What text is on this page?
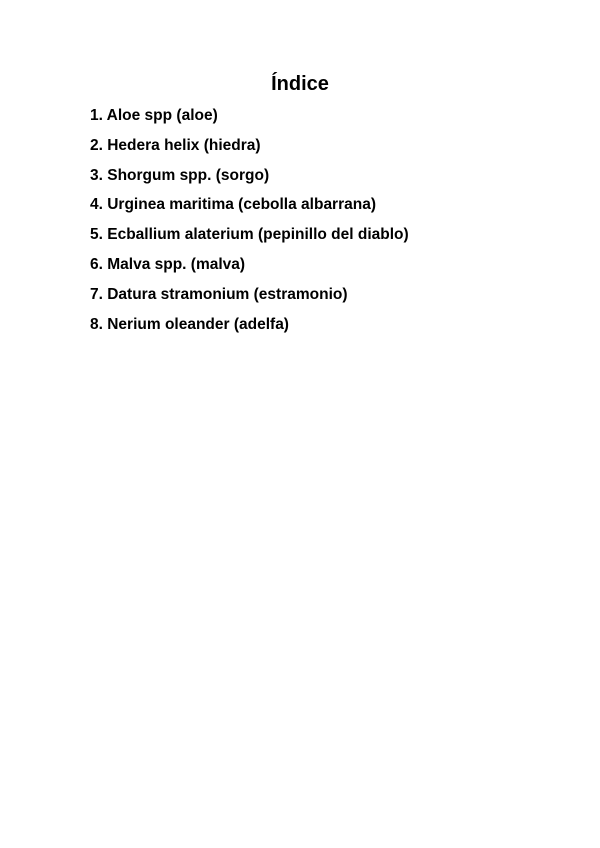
Índice
1. Aloe spp (aloe)
2. Hedera helix (hiedra)
3. Shorgum spp. (sorgo)
4. Urginea maritima (cebolla albarrana)
5. Ecballium alaterium (pepinillo del diablo)
6. Malva spp. (malva)
7. Datura stramonium (estramonio)
8. Nerium oleander (adelfa)
